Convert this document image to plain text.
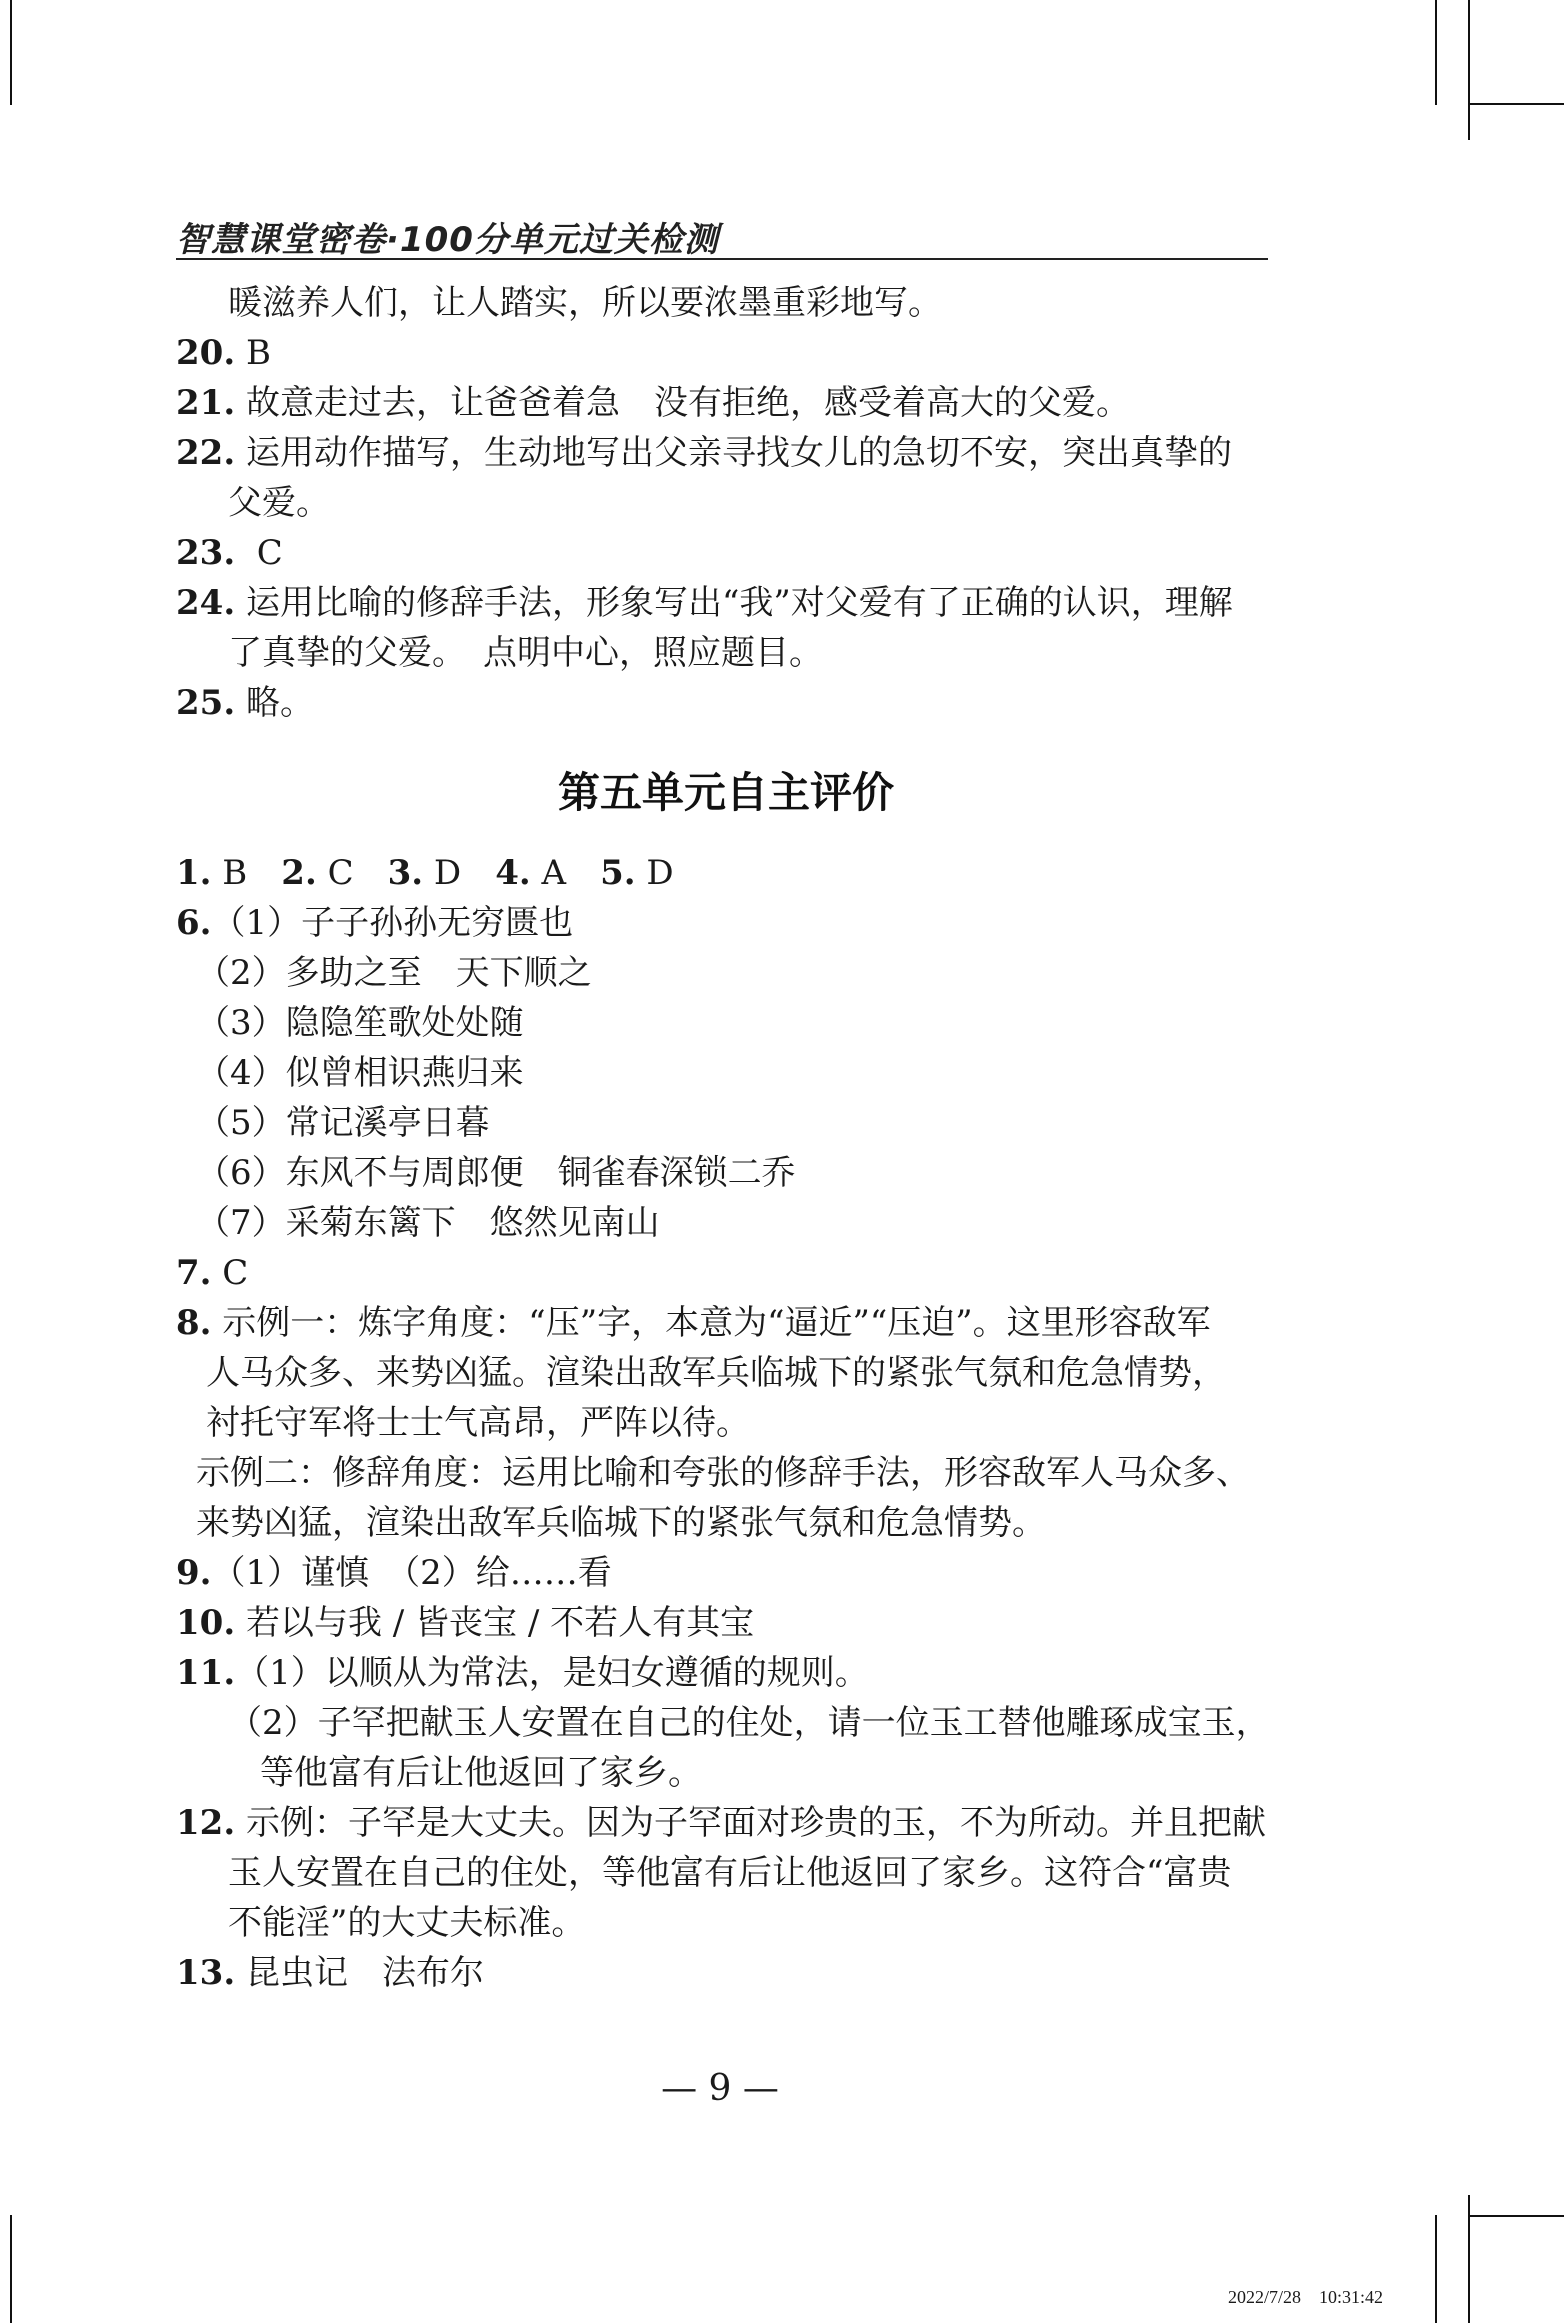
智慧课堂密卷·100分单元过关检测
暖滋养人们，让人踏实，所以要浓墨重彩地写。
20. B
21. 故意走过去，让爸爸着急　没有拒绝，感受着高大的父爱。
22. 运用动作描写，生动地写出父亲寻找女儿的急切不安，突出真挚的
父爱。
23.  C
24. 运用比喻的修辞手法，形象写出“我”对父爱有了正确的认识，理解
了真挚的父爱。　点明中心，照应题目。
25. 略。
第五单元自主评价
1. B　2. C　3. D　4. A　5. D
6.（1）子子孙孙无穷匮也
（2）多助之至　天下顺之
（3）隐隐笙歌处处随
（4）似曾相识燕归来
（5）常记溪亭日暮
（6）东风不与周郎便　铜雀春深锁二乔
（7）采菊东篱下　悠然见南山
7. C
8. 示例一：炼字角度：“压”字，本意为“逼近”“压迫”。这里形容敌军
人马众多、来势凶猛。渲染出敌军兵临城下的紧张气氛和危急情势，
衬托守军将士士气高昂，严阵以待。
示例二：修辞角度：运用比喻和夸张的修辞手法，形容敌军人马众多、
来势凶猛，渲染出敌军兵临城下的紧张气氛和危急情势。
9.（1）谨慎　（2）给……看
10. 若以与我 / 皆丧宝 / 不若人有其宝
11.（1）以顺从为常法，是妇女遵循的规则。
（2）子罕把献玉人安置在自己的住处，请一位玉工替他雕琢成宝玉，
等他富有后让他返回了家乡。
12. 示例：子罕是大丈夫。因为子罕面对珍贵的玉，不为所动。并且把献
玉人安置在自己的住处，等他富有后让他返回了家乡。这符合“富贵
不能淫”的大丈夫标准。
13. 昆虫记　法布尔
— 9 —
2022/7/28　10:31:42
